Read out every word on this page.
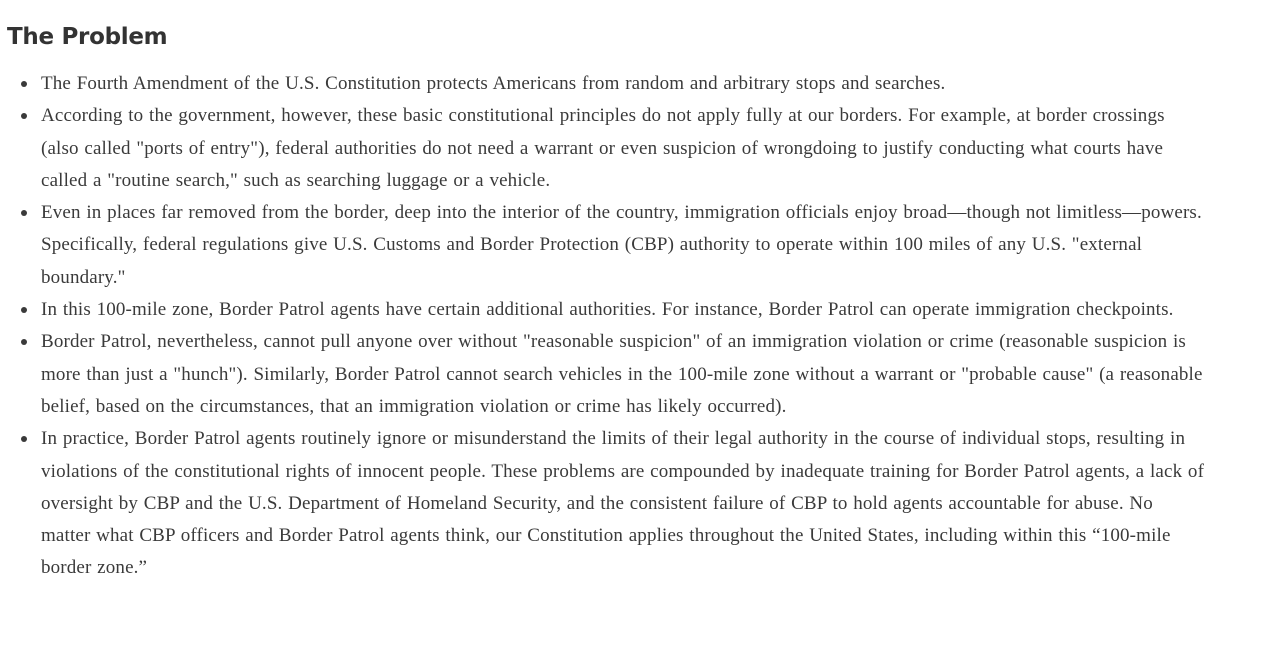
The Problem
The Fourth Amendment of the U.S. Constitution protects Americans from random and arbitrary stops and searches.
According to the government, however, these basic constitutional principles do not apply fully at our borders. For example, at border crossings (also called "ports of entry"), federal authorities do not need a warrant or even suspicion of wrongdoing to justify conducting what courts have called a "routine search," such as searching luggage or a vehicle.
Even in places far removed from the border, deep into the interior of the country, immigration officials enjoy broad—though not limitless—powers. Specifically, federal regulations give U.S. Customs and Border Protection (CBP) authority to operate within 100 miles of any U.S. "external boundary."
In this 100-mile zone, Border Patrol agents have certain additional authorities. For instance, Border Patrol can operate immigration checkpoints.
Border Patrol, nevertheless, cannot pull anyone over without "reasonable suspicion" of an immigration violation or crime (reasonable suspicion is more than just a "hunch"). Similarly, Border Patrol cannot search vehicles in the 100-mile zone without a warrant or "probable cause" (a reasonable belief, based on the circumstances, that an immigration violation or crime has likely occurred).
In practice, Border Patrol agents routinely ignore or misunderstand the limits of their legal authority in the course of individual stops, resulting in violations of the constitutional rights of innocent people. These problems are compounded by inadequate training for Border Patrol agents, a lack of oversight by CBP and the U.S. Department of Homeland Security, and the consistent failure of CBP to hold agents accountable for abuse. No matter what CBP officers and Border Patrol agents think, our Constitution applies throughout the United States, including within this “100-mile border zone.”
